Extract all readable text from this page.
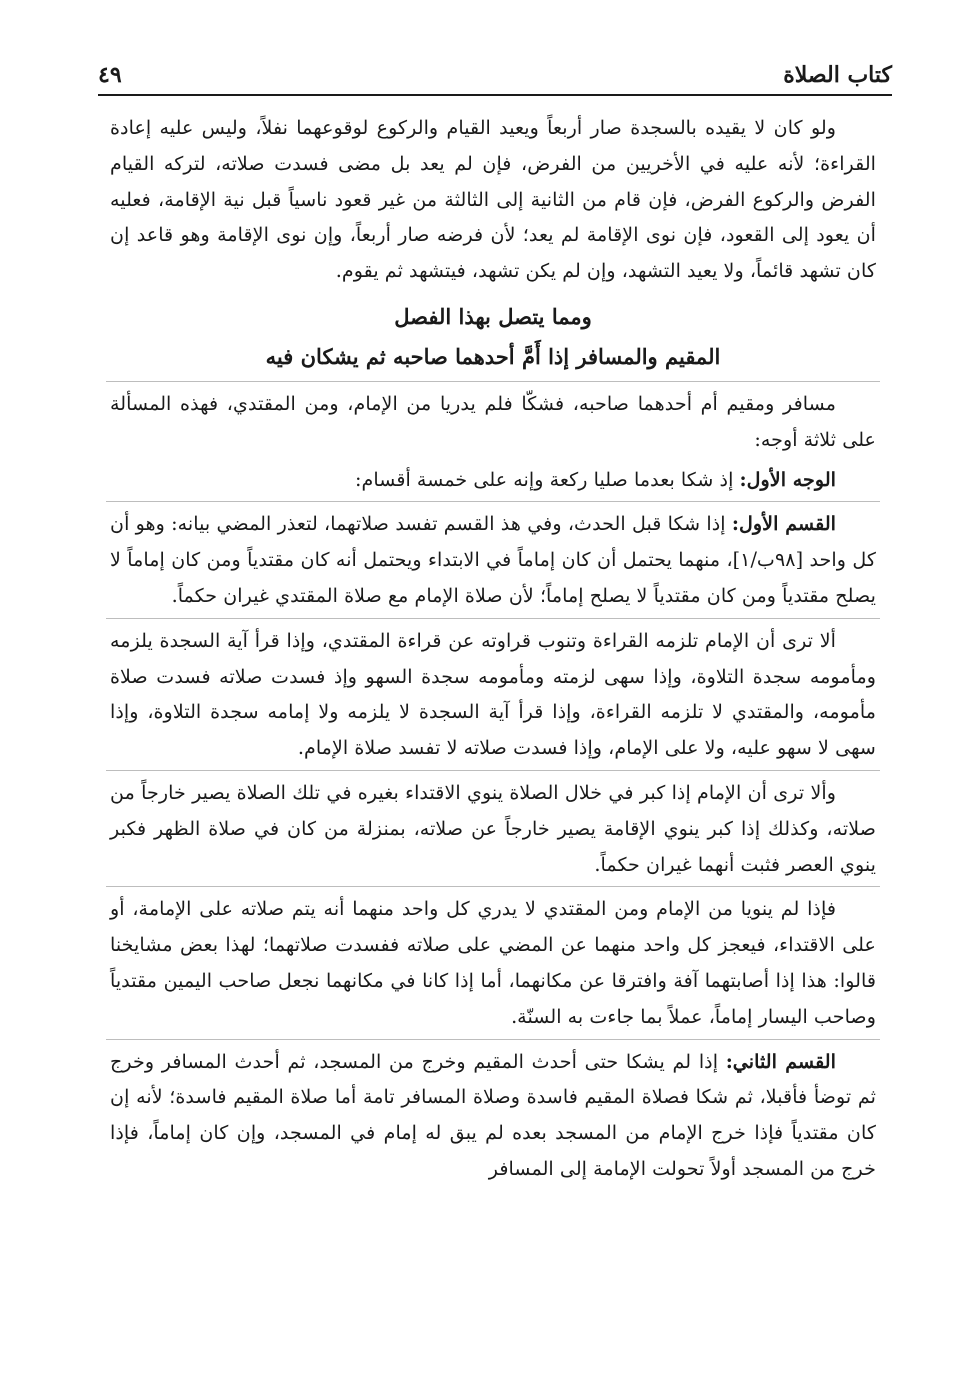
كتاب الصلاة
٤٩

ولو كان لا يقيده بالسجدة صار أربعاً ويعيد القيام والركوع لوقوعهما نفلاً، وليس عليه إعادة القراءة؛ لأنه عليه في الأخريين من الفرض، فإن لم يعد بل مضى فسدت صلاته، لتركه القيام الفرض والركوع الفرض، فإن قام من الثانية إلى الثالثة من غير قعود ناسياً قبل نية الإقامة، فعليه أن يعود إلى القعود، فإن نوى الإقامة لم يعد؛ لأن فرضه صار أربعاً، وإن نوى الإقامة وهو قاعد إن كان تشهد قائماً، ولا يعيد التشهد، وإن لم يكن تشهد، فيتشهد ثم يقوم.

ومما يتصل بهذا الفصل
المقيم والمسافر إذا أَمَّ أحدهما صاحبه ثم يشكان فيه

مسافر ومقيم أم أحدهما صاحبه، فشكّا فلم يدريا من الإمام، ومن المقتدي، فهذه المسألة على ثلاثة أوجه:

الوجه الأول: إذ شكا بعدما صليا ركعة وإنه على خمسة أقسام:

القسم الأول: إذا شكا قبل الحدث، وفي هذ القسم تفسد صلاتهما، لتعذر المضي بيانه: وهو أن كل واحد [٩٨ب/١]، منهما يحتمل أن كان إماماً في الابتداء ويحتمل أنه كان مقتدياً ومن كان إماماً لا يصلح مقتدياً ومن كان مقتدياً لا يصلح إماماً؛ لأن صلاة الإمام مع صلاة المقتدي غيران حكماً.

ألا ترى أن الإمام تلزمه القراءة وتنوب قراوته عن قراءة المقتدي، وإذا قرأ آية السجدة يلزمه ومأمومه سجدة التلاوة، وإذا سهى لزمته ومأمومه سجدة السهو وإذ فسدت صلاته فسدت صلاة مأمومه، والمقتدي لا تلزمه القراءة، وإذا قرأ آية السجدة لا يلزمه ولا إمامه سجدة التلاوة، وإذا سهى لا سهو عليه، ولا على الإمام، وإذا فسدت صلاته لا تفسد صلاة الإمام.

وألا ترى أن الإمام إذا كبر في خلال الصلاة ينوي الاقتداء بغيره في تلك الصلاة يصير خارجاً من صلاته، وكذلك إذا كبر ينوي الإقامة يصير خارجاً عن صلاته، بمنزلة من كان في صلاة الظهر فكبر ينوي العصر فثبت أنهما غيران حكماً.

فإذا لم ينويا من الإمام ومن المقتدي لا يدري كل واحد منهما أنه يتم صلاته على الإمامة، أو على الاقتداء، فيعجز كل واحد منهما عن المضي على صلاته ففسدت صلاتهما؛ لهذا بعض مشايخنا قالوا: هذا إذا أصابتهما آفة وافترقا عن مكانهما، أما إذا كانا في مكانهما نجعل صاحب اليمين مقتدياً وصاحب اليسار إماماً، عملاً بما جاءت به السنّة.

القسم الثاني: إذا لم يشكا حتى أحدث المقيم وخرج من المسجد، ثم أحدث المسافر وخرج ثم توضأ فأقبلا، ثم شكا فصلاة المقيم فاسدة وصلاة المسافر تامة أما صلاة المقيم فاسدة؛ لأنه إن كان مقتدياً فإذا خرج الإمام من المسجد بعده لم يبق له إمام في المسجد، وإن كان إماماً، فإذا خرج من المسجد أولاً تحولت الإمامة إلى المسافر
